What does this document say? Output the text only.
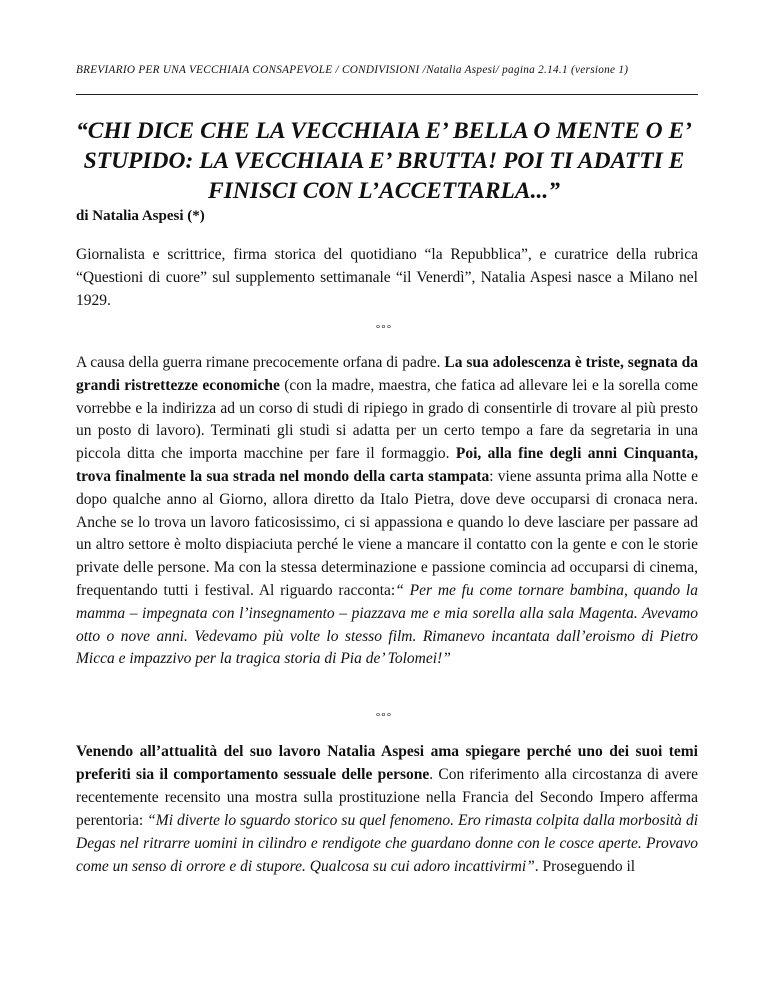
BREVIARIO PER UNA VECCHIAIA CONSAPEVOLE / CONDIVISIONI /Natalia Aspesi/ pagina 2.14.1 (versione 1)
“CHI DICE CHE LA VECCHIAIA E’ BELLA O MENTE O E’ STUPIDO: LA VECCHIAIA E’ BRUTTA! POI TI ADATTI E FINISCI CON L’ACCETTARLA...”
di Natalia Aspesi (*)
Giornalista e scrittrice, firma storica del quotidiano “la Repubblica”, e curatrice della rubrica “Questioni di cuore” sul supplemento settimanale “il Venerdì”, Natalia Aspesi nasce a Milano nel 1929.
°°°
A causa della guerra rimane precocemente orfana di padre. La sua adolescenza è triste, segnata da grandi ristrettezze economiche (con la madre, maestra, che fatica ad allevare lei e la sorella come vorrebbe e la indirizza ad un corso di studi di ripiego in grado di consentirle di trovare al più presto un posto di lavoro). Terminati gli studi si adatta per un certo tempo a fare da segretaria in una piccola ditta che importa macchine per fare il formaggio. Poi, alla fine degli anni Cinquanta, trova finalmente la sua strada nel mondo della carta stampata: viene assunta prima alla Notte e dopo qualche anno al Giorno, allora diretto da Italo Pietra, dove deve occuparsi di cronaca nera. Anche se lo trova un lavoro faticosissimo, ci si appassiona e quando lo deve lasciare per passare ad un altro settore è molto dispiaciuta perché le viene a mancare il contatto con la gente e con le storie private delle persone. Ma con la stessa determinazione e passione comincia ad occuparsi di cinema, frequentando tutti i festival. Al riguardo racconta:“ Per me fu come tornare bambina, quando la mamma – impegnata con l’insegnamento – piazzava me e mia sorella alla sala Magenta. Avevamo otto o nove anni. Vedevamo più volte lo stesso film. Rimanevo incantata dall’eroismo di Pietro Micca e impazzivo per la tragica storia di Pia de’ Tolomei!”
°°°
Venendo all’attualità del suo lavoro Natalia Aspesi ama spiegare perché uno dei suoi temi preferiti sia il comportamento sessuale delle persone. Con riferimento alla circostanza di avere recentemente recensito una mostra sulla prostituzione nella Francia del Secondo Impero afferma perentoria: “Mi diverte lo sguardo storico su quel fenomeno. Ero rimasta colpita dalla morbosità di Degas nel ritrarre uomini in cilindro e rendigote che guardano donne con le cosce aperte. Provavo come un senso di orrore e di stupore. Qualcosa su cui adoro incattivirmi”. Proseguendo il
